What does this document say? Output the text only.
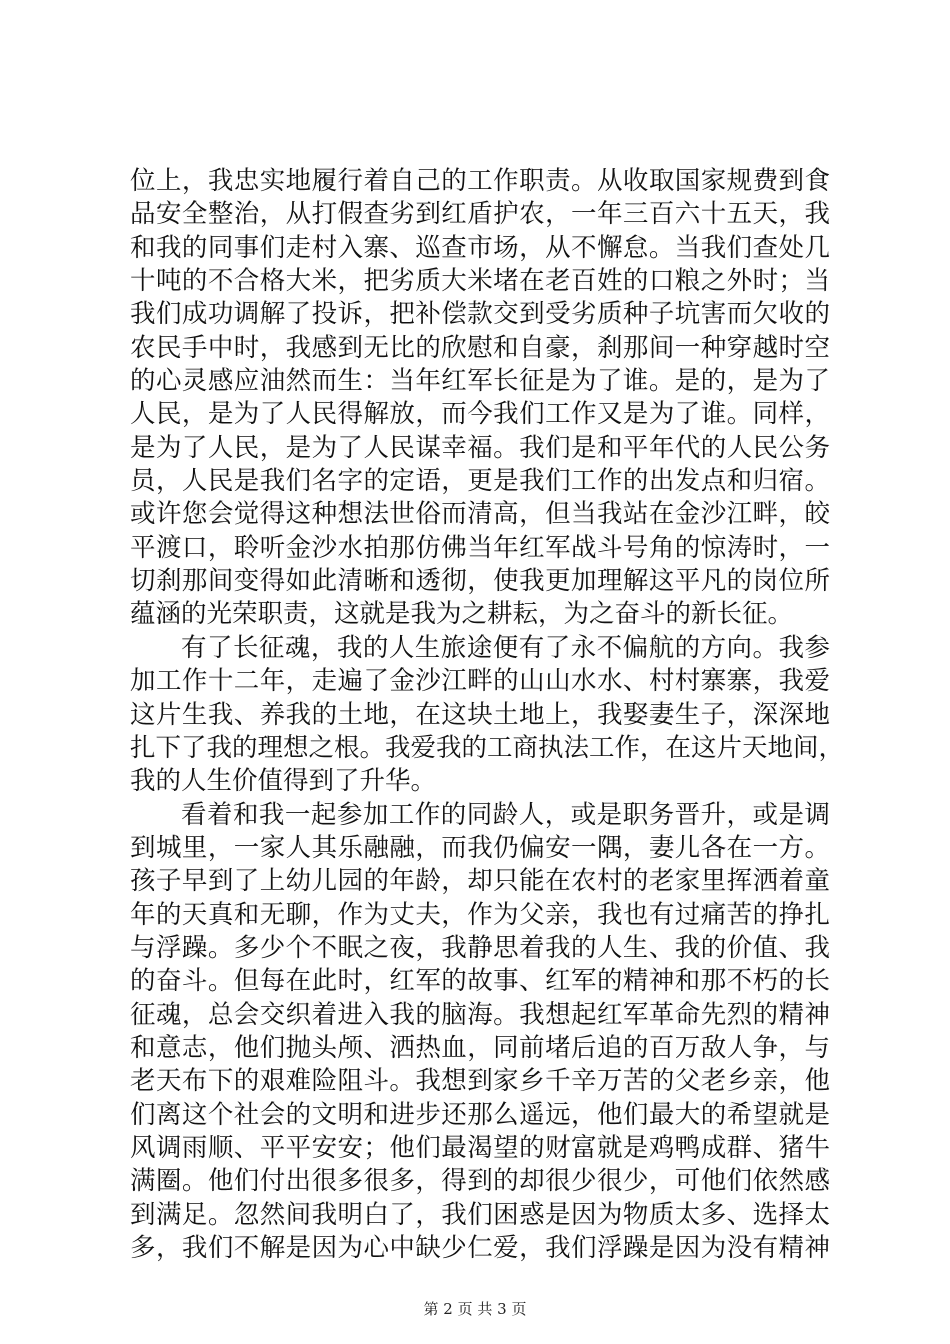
位上，我忠实地履行着自己的工作职责。从收取国家规费到食
品安全整治，从打假查劣到红盾护农，一年三百六十五天，我
和我的同事们走村入寨、巡查市场，从不懈怠。当我们查处几
十吨的不合格大米，把劣质大米堵在老百姓的口粮之外时；当
我们成功调解了投诉，把补偿款交到受劣质种子坑害而欠收的
农民手中时，我感到无比的欣慰和自豪，刹那间一种穿越时空
的心灵感应油然而生：当年红军长征是为了谁。是的，是为了
人民，是为了人民得解放，而今我们工作又是为了谁。同样，
是为了人民，是为了人民谋幸福。我们是和平年代的人民公务
员，人民是我们名字的定语，更是我们工作的出发点和归宿。
或许您会觉得这种想法世俗而清高，但当我站在金沙江畔，皎
平渡口，聆听金沙水拍那仿佛当年红军战斗号角的惊涛时，一
切刹那间变得如此清晰和透彻，使我更加理解这平凡的岗位所
蕴涵的光荣职责，这就是我为之耕耘，为之奋斗的新长征。
有了长征魂，我的人生旅途便有了永不偏航的方向。我参
加工作十二年，走遍了金沙江畔的山山水水、村村寨寨，我爱
这片生我、养我的土地，在这块土地上，我娶妻生子，深深地
扎下了我的理想之根。我爱我的工商执法工作，在这片天地间，
我的人生价值得到了升华。
看着和我一起参加工作的同龄人，或是职务晋升，或是调
到城里，一家人其乐融融，而我仍偏安一隅，妻儿各在一方。
孩子早到了上幼儿园的年龄，却只能在农村的老家里挥洒着童
年的天真和无聊，作为丈夫，作为父亲，我也有过痛苦的挣扎
与浮躁。多少个不眠之夜，我静思着我的人生、我的价值、我
的奋斗。但每在此时，红军的故事、红军的精神和那不朽的长
征魂，总会交织着进入我的脑海。我想起红军革命先烈的精神
和意志，他们抛头颅、洒热血，同前堵后追的百万敌人争，与
老天布下的艰难险阻斗。我想到家乡千辛万苦的父老乡亲，他
们离这个社会的文明和进步还那么遥远，他们最大的希望就是
风调雨顺、平平安安；他们最渴望的财富就是鸡鸭成群、猪牛
满圈。他们付出很多很多，得到的却很少很少，可他们依然感
到满足。忽然间我明白了，我们困惑是因为物质太多、选择太
多，我们不解是因为心中缺少仁爱，我们浮躁是因为没有精神
第 2 页 共 3 页
